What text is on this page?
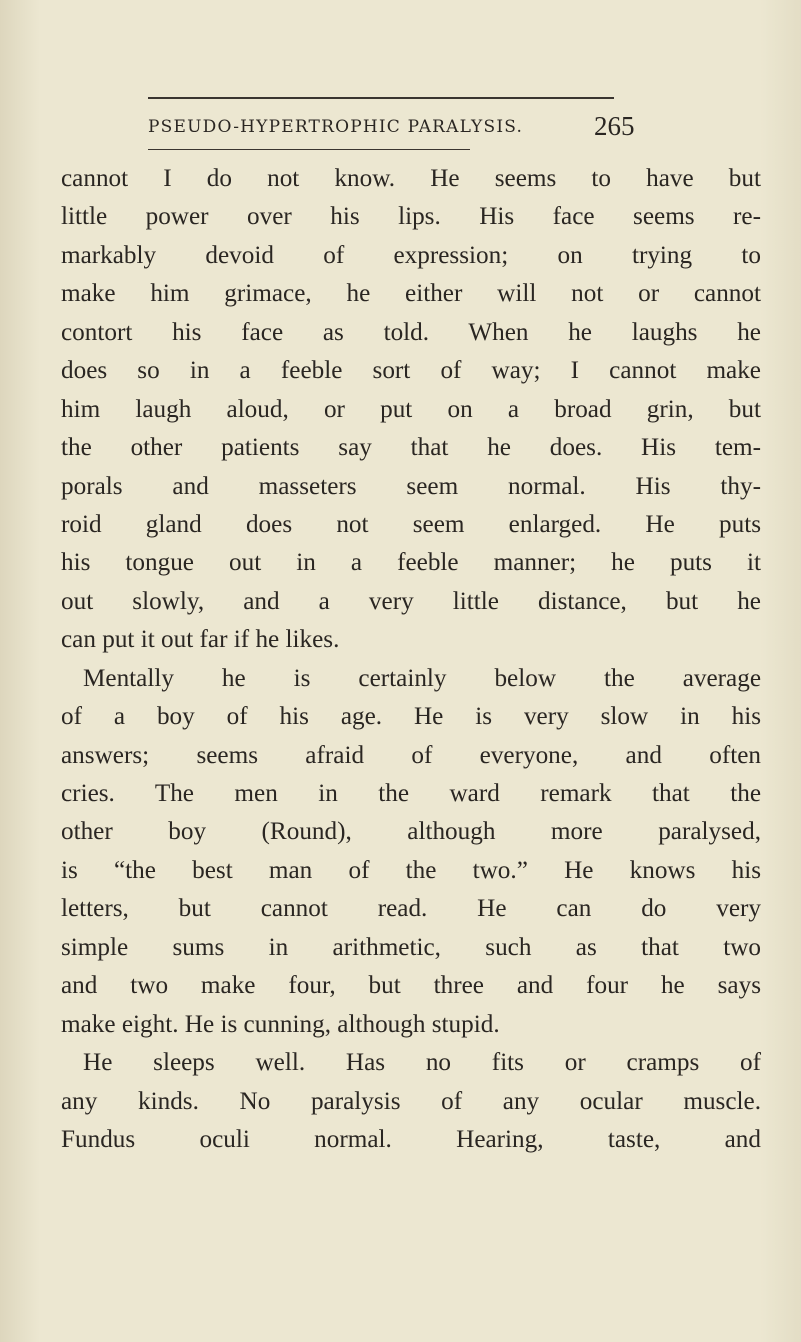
PSEUDO-HYPERTROPHIC PARALYSIS.	265
cannot I do not know. He seems to have but
little power over his lips. His face seems re-
markably devoid of expression; on trying to
make him grimace, he either will not or cannot
contort his face as told. When he laughs he
does so in a feeble sort of way; I cannot make
him laugh aloud, or put on a broad grin, but
the other patients say that he does. His tem-
porals and masseters seem normal. His thy-
roid gland does not seem enlarged. He puts
his tongue out in a feeble manner; he puts it
out slowly, and a very little distance, but he
can put it out far if he likes.
Mentally he is certainly below the average
of a boy of his age. He is very slow in his
answers; seems afraid of everyone, and often
cries. The men in the ward remark that the
other boy (Round), although more paralysed,
is “the best man of the two.” He knows his
letters, but cannot read. He can do very
simple sums in arithmetic, such as that two
and two make four, but three and four he says
make eight. He is cunning, although stupid.
He sleeps well. Has no fits or cramps of
any kinds. No paralysis of any ocular muscle.
Fundus oculi normal. Hearing, taste, and
